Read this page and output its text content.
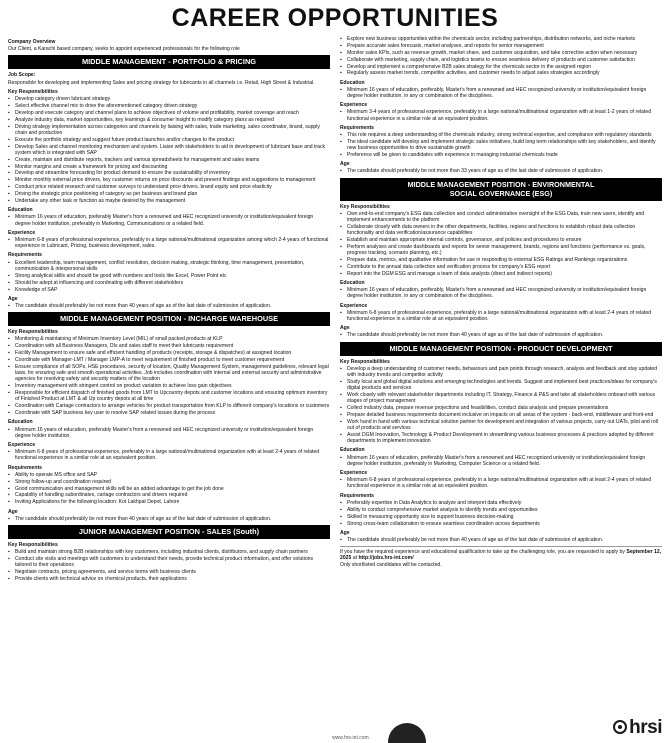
CAREER OPPORTUNITIES
Company Overview
Our Client, a Karachi based company, seeks to appoint experienced professionals for the following role
MIDDLE MANAGEMENT - PORTFOLIO & PRICING
Job Scope:
Responsible for developing and implementing Sales and pricing strategy for lubricants in all channels i.e. Retail, High Street & Industrial.
Key Responsibilities
▪ Develop category driven lubricant strategy
▪ Select effective channel mix to drive the aforementioned category driven strategy
▪ Develop and execute category and channel plans to achieve objectives of volume and profitability, market coverage and reach
▪ Analyze industry data, market opportunities, key learnings & consumer insight to modify category plans as required
▪ Driving strategy implementation across categories and channels by liaising with sales, trade marketing, sales coordinator, brand, supply chain and production
▪ Execute the portfolio strategy and suggest future product launches and/or changes to the product
▪ Develop Sales and channel monitoring mechanism and system. Liaise with stakeholders to aid in development of lubricant base and track system which is integrated with SAP
▪ Create, maintain and distribute reports, trackers and various spreadsheets for management and sales teams
▪ Monitor margins and create a framework for pricing and discounting
▪ Develop and streamline forecasting for product demand to ensure the sustainability of inventory
▪ Monitor monthly external price drivers, key customer returns on price discounts and present findings and suggestions to management
▪ Conduct price related research and customer surveys to understand price drivers, brand equity and price elasticity
▪ Driving the strategic price positioning of category as per business and brand plan
▪ Undertake any other task or function as maybe desired by the management
Education
▪ Minimum 16 years of education, preferably Master's from a renowned and HEC recognized university or institution/equivalent foreign degree holder institution, preferably in Marketing, Communications or a related field.
Experience
▪ Minimum 6-8 years of professional experience, preferably in a large national/multinational organization among which 2-4 years of functional experience in Lubricant, Pricing, business development, sales.
Requirements
▪ Excellent leadership, team management, conflict resolution, decision making, strategic thinking, time management, presentation, communication & interpersonal skills
▪ Strong analytical skills and should be good with numbers and tools like Excel, Power Point etc
▪ Should be adept at influencing and coordinating with different stakeholders
▪ Knowledge of SAP
Age
▪ The candidate should preferably be not more than 40 years of age as of the last date of submission of application.
MIDDLE MANAGEMENT POSITION - INCHARGE WAREHOUSE
Key Responsibilities
▪ Monitoring & maintaining of Minimum Inventory Level (MIL) of small packed products at KLP
▪ Coordination with all Business Managers, DIs and sales staff to meet their lubricants requirement
▪ Facility Management to ensure safe and efficient handling of products (receipts, storage & dispatches) at assigned location
▪ Coordinate with Manager-LMT / Manager LMP-A to meet requirement of finished product to meet customer requirement
▪ Ensure compliance of all SOPs, HSE procedures, security of location, Quality Management System, management guidelines, relevant legal laws, for ensuring safe and smooth operational activities. Job includes coordination with internal and external security and administrative agencies for resolving safety and security matters of the location
▪ Inventory management with stringent control on product variation to achieve loss gain objectives
▪ Responsible for efficient dispatch of finished goods from LMT to Upcountry depots and customer locations and ensuring optimum inventory of Finished Product at LMT & all Up country depots at all time
▪ Coordination with Cartage contractors to arrange vehicles for product transportation from KLP to different company's locations or customers
▪ Coordinate with SAP business key user to resolve SAP related issues during the process
Education
▪ Minimum 16 years of education, preferably Master's from a renowned and HEC recognized university or institution/equivalent foreign degree holder institution.
Experience
▪ Minimum 6-8 years of professional experience, preferably in a large national/multinational organization with at least 2-4 years of related functional experience in a similar role at an equivalent position.
Requirements
▪ Ability to operate MS office and SAP
▪ Strong follow-up and coordination required
▪ Good communication and management skills will be an added advantage to get the job done
▪ Capability of handling subordinates, cartage contractors and drivers required
▪ Inviting Applications for the following location: Kot Lakhpat Depot, Lahore
Age
▪ The candidate should preferably be not more than 40 years of age as of the last date of submission of application.
JUNIOR MANAGEMENT POSITION - SALES (South)
Key Responsibilities
▪ Build and maintain strong B2B relationships with key customers, including industrial clients, distributors, and supply chain partners
▪ Conduct site visits and meetings with customers to understand their needs, provide technical product information, and offer solutions tailored to their operations
▪ Negotiate contracts, pricing agreements, and service terms with business clients
▪ Provide clients with technical advice on chemical products, their applications
▪ Explore new business opportunities within the chemicals sector, including partnerships, distribution networks, and niche markets
▪ Prepare accurate sales forecasts, market analyses, and reports for senior management
▪ Monitor sales KPIs, such as revenue growth, market share, and customer acquisition, and take corrective action when necessary
▪ Collaborate with marketing, supply chain, and logistics teams to ensure seamless delivery of products and customer satisfaction
▪ Develop and implement a comprehensive B2B sales strategy for the chemicals sector in the assigned region
▪ Regularly assess market trends, competitor activities, and customer needs to adjust sales strategies accordingly
Education
▪ Minimum 16 years of education, preferably, Master's from a renowned and HEC recognized university or institution/equivalent foreign degree holder institution, in any or combination of the disciplines.
Experience
▪ Minimum 3-4 years of professional experience, preferably in a large national/multinational organization with at least 1-2 years of related functional experience in a similar role at an equivalent position.
Requirements
▪ This role requires a deep understanding of the chemicals industry, strong technical expertise, and compliance with regulatory standards
▪ The ideal candidate will develop and implement strategic sales initiatives, build long term relationships with key stakeholders, and identify new business opportunities to drive sustainable growth
▪ Preference will be given to candidates with experience in managing industrial chemicals trade
Age
▪ The candidate should preferably be not more than 33 years of age as of the last date of submission of application.
MIDDLE MANAGEMENT POSITION - ENVIRONMENTAL
SOCIAL GOVERNANCE (ESG)
Key Responsibilities
▪ Own end-to-end company's ESG data collection and conduct administrative oversight of the ESG Data, train new users, identify and implement enhancements to the platform
▪ Collaborate closely with data owners in the other departments, facilities, regions and functions to establish robust data collection functionality and data verification/assurance capabilities
▪ Establish and maintain appropriate internal controls, governance, and policies and procedures to ensure
▪ Perform analyses and create dashboards and reports for senior management, brands, regions and functions (performance vs. goals, progress tracking, scenario planning, etc.)
▪ Prepare data, metrics, and qualitative information for use in responding to external ESG Ratings and Rankings organizations
▪ Contribute to the annual data collection and verification process for company's ESG report
▪ Report into the DGM ESG and manage a team of data analysts (direct and indirect reports)
Education
▪ Minimum 16 years of education, preferably, Master's from a renowned and HEC recognized university or institution/equivalent foreign degree holder institution, in any or combination of the disciplines.
Experience
▪ Minimum 6-8 years of professional experience, preferably in a large national/multinational organization with at least 2-4 years of related functional experience in a similar role at an equivalent position.
Age
▪ The candidate should preferably be not more than 40 years of age as of the last date of submission of application.
MIDDLE MANAGEMENT POSITION - PRODUCT DEVELOPMENT
Key Responsibilities
▪ Develop a deep understanding of customer needs, behaviours and pain points through research, analysis and feedback and stay updated with industry trends and competitor activity
▪ Study local and global digital solutions and emerging technologies and trends. Suggest and implement best practices/ideas for company's digital products and services
▪ Work closely with relevant stakeholder departments including IT, Strategy, Finance & P&S and take all stakeholders onboard with various stages of project management
▪ Collect industry data, prepare revenue projections and feasibilities, conduct data analysis and prepare presentations
▪ Prepare detailed business requirements document inclusive on impacts on all areas of the system - back-end, middleware and front-end
▪ Work hand in hand with various technical solution partner for development and integration of various projects, carry out UATs, pilot and roll out of products and services
▪ Assist DGM Innovation, Technology & Product Development in streamlining various business processes & practices adopted by different departments to implement innovation
Education
▪ Minimum 16 years of education, preferably Master's from a renowned and HEC recognized university or institution/equivalent foreign degree holder institution, preferably in Marketing, Computer Science or a related field.
Experience
▪ Minimum 6-8 years of professional experience, preferably in a large national/multinational organization with at least 2-4 years of related functional experience in a similar role at an equivalent position.
Requirements
▪ Preferably expertise in Data Analytics to analyze and interpret data effectively
▪ Ability to conduct comprehensive market analysis to identify trends and opportunities
▪ Skilled in measuring opportunity size to support business decision-making
▪ Strong cross-team collaboration to ensure seamless coordination across departments
Age
▪ The candidate should preferably be not more than 40 years of age as of the last date of submission of application.
If you have the required experience and educational qualification to take up the challenging role, you are requested to apply by September 12, 2025 at http://jobs.hrs-int.com/
Only shortlisted candidates will be contacted.
www.hrs-int.com
hrsi
